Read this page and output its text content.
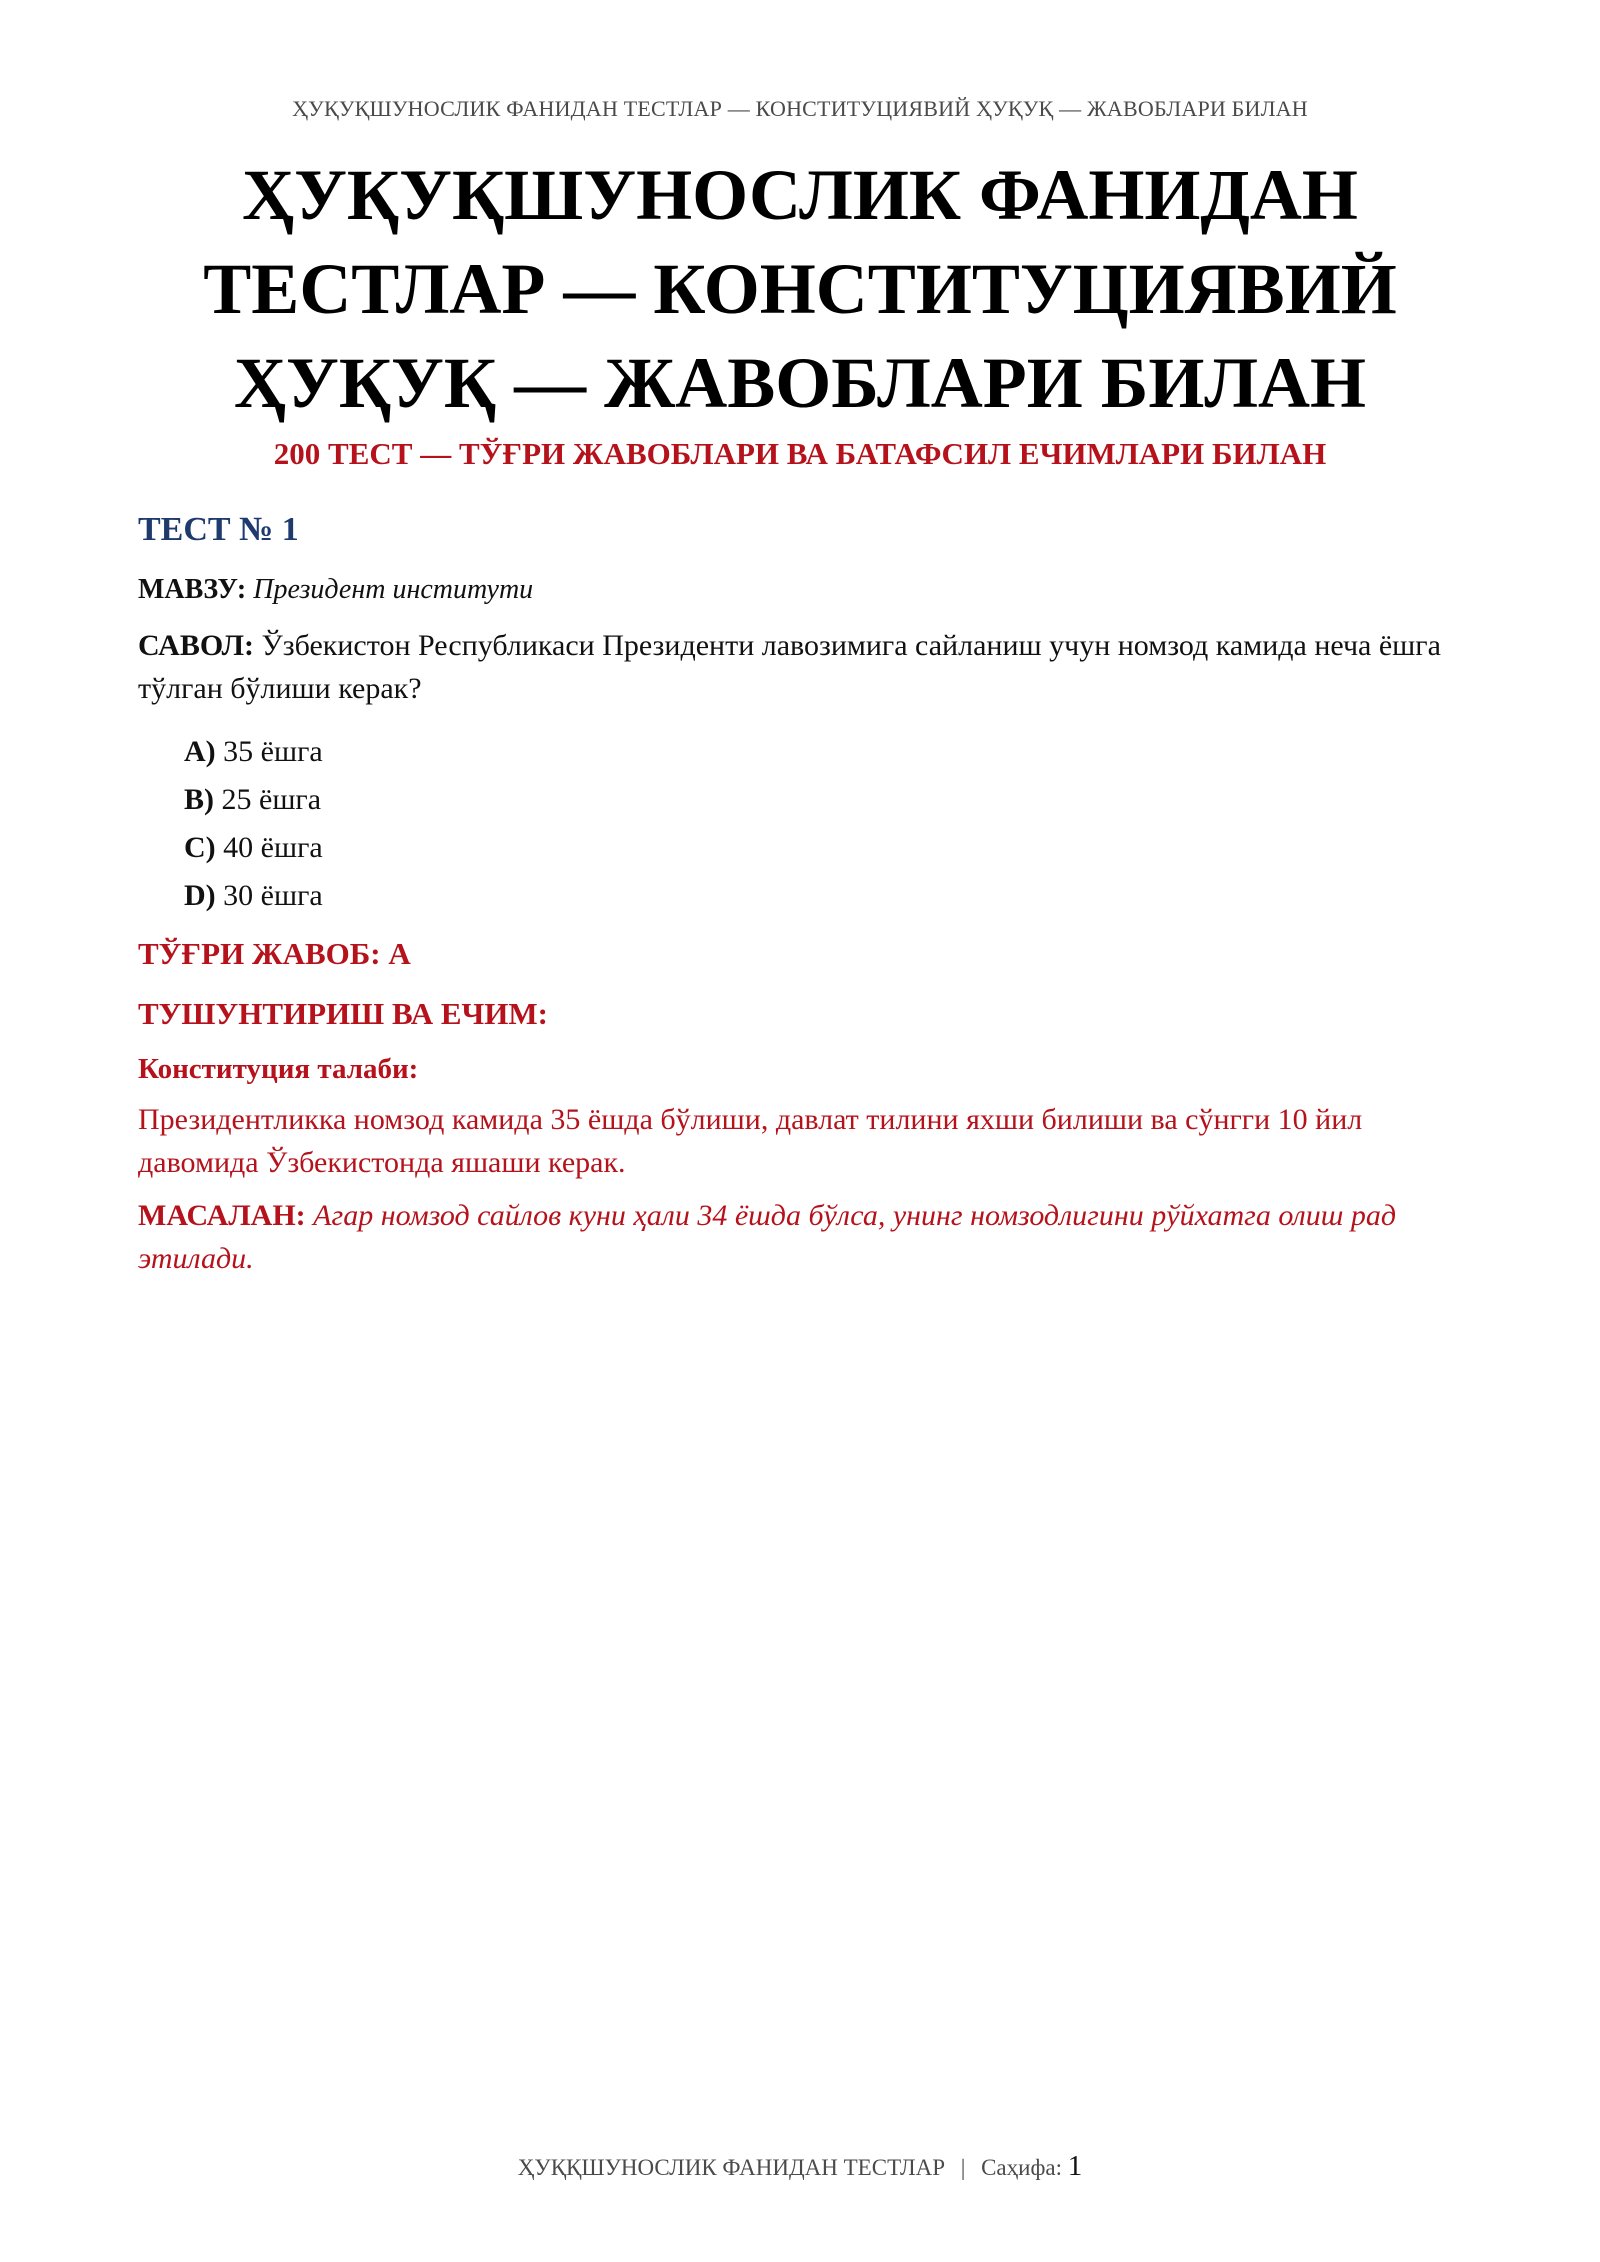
ҲУҚУҚШУНОСЛИК ФАНИДАН ТЕСТЛАР — КОНСТИТУЦИЯВИЙ ҲУҚУҚ — ЖАВОБЛАРИ БИЛАН
ҲУҚУҚШУНОСЛИК ФАНИДАН
ТЕСТЛАР — КОНСТИТУЦИЯВИЙ
ҲУҚУҚ — ЖАВОБЛАРИ БИЛАН
200 ТЕСТ — ТЎҒРИ ЖАВОБЛАРИ ВА БАТАФСИЛ ЕЧИМЛАРИ БИЛАН
ТЕСТ № 1
МАВЗУ: Президент институти
САВОЛ: Ўзбекистон Республикаси Президенти лавозимига сайланиш учун номзод камида неча ёшга тўлган бўлиши керак?
A) 35 ёшга
B) 25 ёшга
C) 40 ёшга
D) 30 ёшга
ТЎҒРИ ЖАВОБ: A
ТУШУНТИРИШ ВА ЕЧИМ:
Конституция талаби:
Президентликка номзод камида 35 ёшда бўлиши, давлат тилини яхши билиши ва сўнгги 10 йил давомида Ўзбекистонда яшаши керак.
МАСАЛАН: Агар номзод сайлов куни ҳали 34 ёшда бўлса, унинг номзодлигини рўйхатга олиш рад этилади.
ҲУҚҚШУНОСЛИК ФАНИДАН ТЕСТЛАР | Саҳифа: 1
